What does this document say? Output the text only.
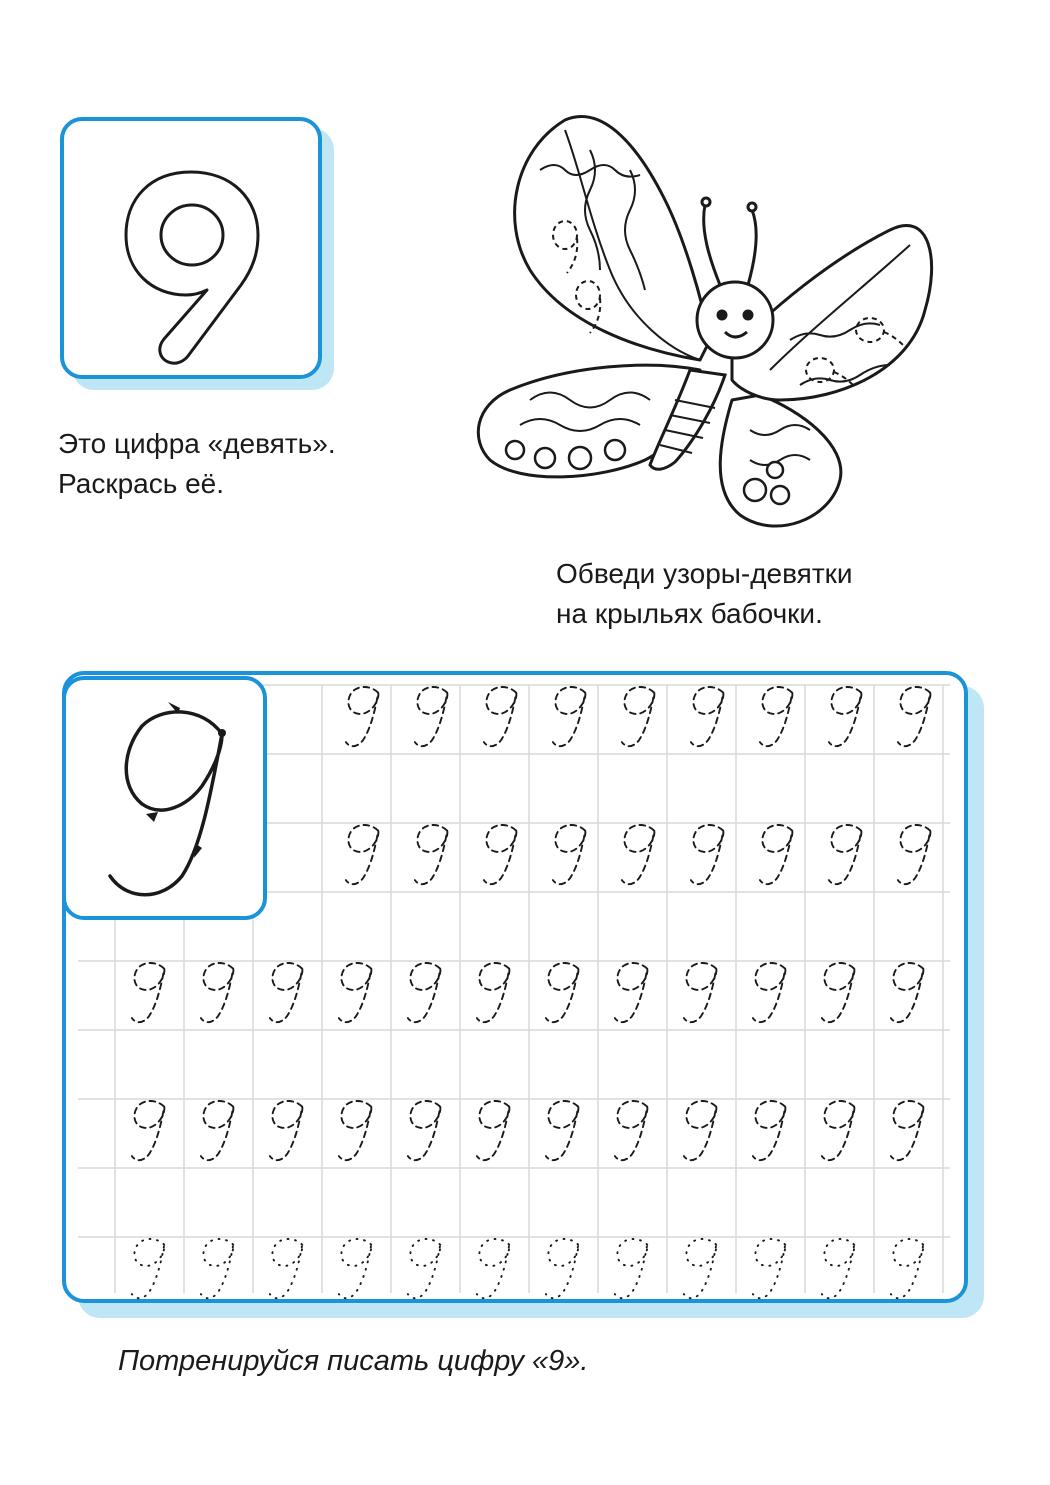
Это цифра «девять».
Раскрась её.
Обведи узоры-девятки
на крыльях бабочки.
Потренируйся писать цифру «9».
